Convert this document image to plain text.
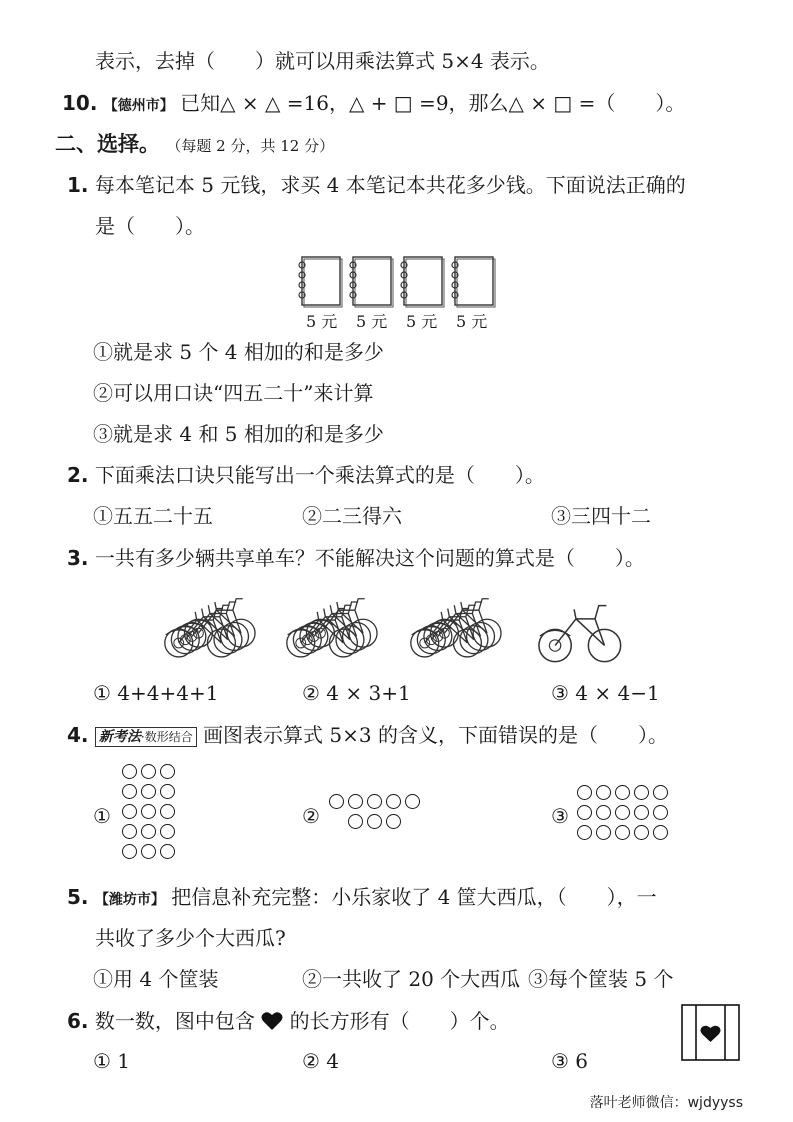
表示，去掉（　　）就可以用乘法算式 5×4 表示。
10. 【德州市】 已知△ × △ =16，△ + □ =9，那么△ × □ =（　　）。
二、选择。 （每题 2 分，共 12 分）
1. 每本笔记本 5 元钱，求买 4 本笔记本共花多少钱。下面说法正确的
是（　　）。
5 元 5 元 5 元 5 元
①就是求 5 个 4 相加的和是多少
②可以用口诀“四五二十”来计算
③就是求 4 和 5 相加的和是多少
2. 下面乘法口诀只能写出一个乘法算式的是（　　）。
①五五二十五	②二三得六	③三四十二
3. 一共有多少辆共享单车？不能解决这个问题的算式是（　　）。
① 4+4+4+1	② 4 × 3+1	③ 4 × 4−1
4. 新考法·数形结合 画图表示算式 5×3 的含义，下面错误的是（　　）。
①	②	③
5. 【潍坊市】 把信息补充完整：小乐家收了 4 筐大西瓜，（　　），一
共收了多少个大西瓜?
①用 4 个筐装	②一共收了 20 个大西瓜 ③每个筐装 5 个
6. 数一数，图中包含 的长方形有（　　）个。
① 1	② 4	③ 6
落叶老师微信：wjdyyss
